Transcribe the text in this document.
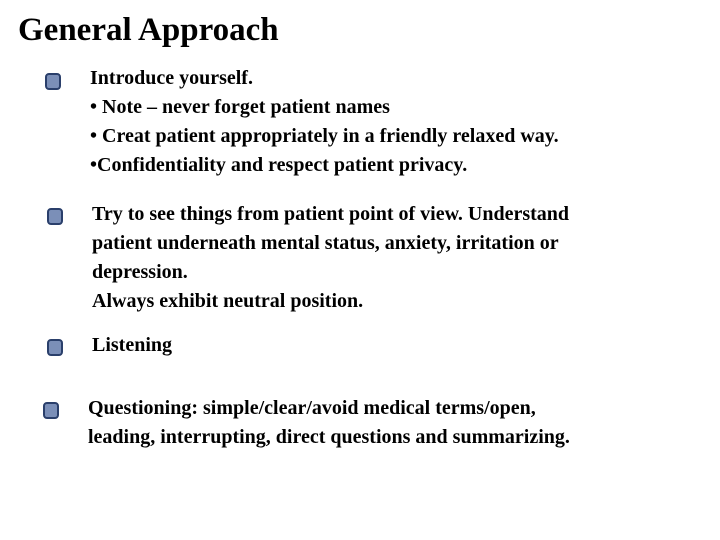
General Approach
Introduce yourself.
• Note – never forget patient names
• Creat patient appropriately in a friendly relaxed way.
•Confidentiality and respect patient privacy.
Try to see things from patient point of view. Understand
patient underneath mental status, anxiety, irritation or
depression.
Always exhibit neutral position.
Listening
Questioning: simple/clear/avoid medical terms/open,
leading, interrupting, direct questions and summarizing.
